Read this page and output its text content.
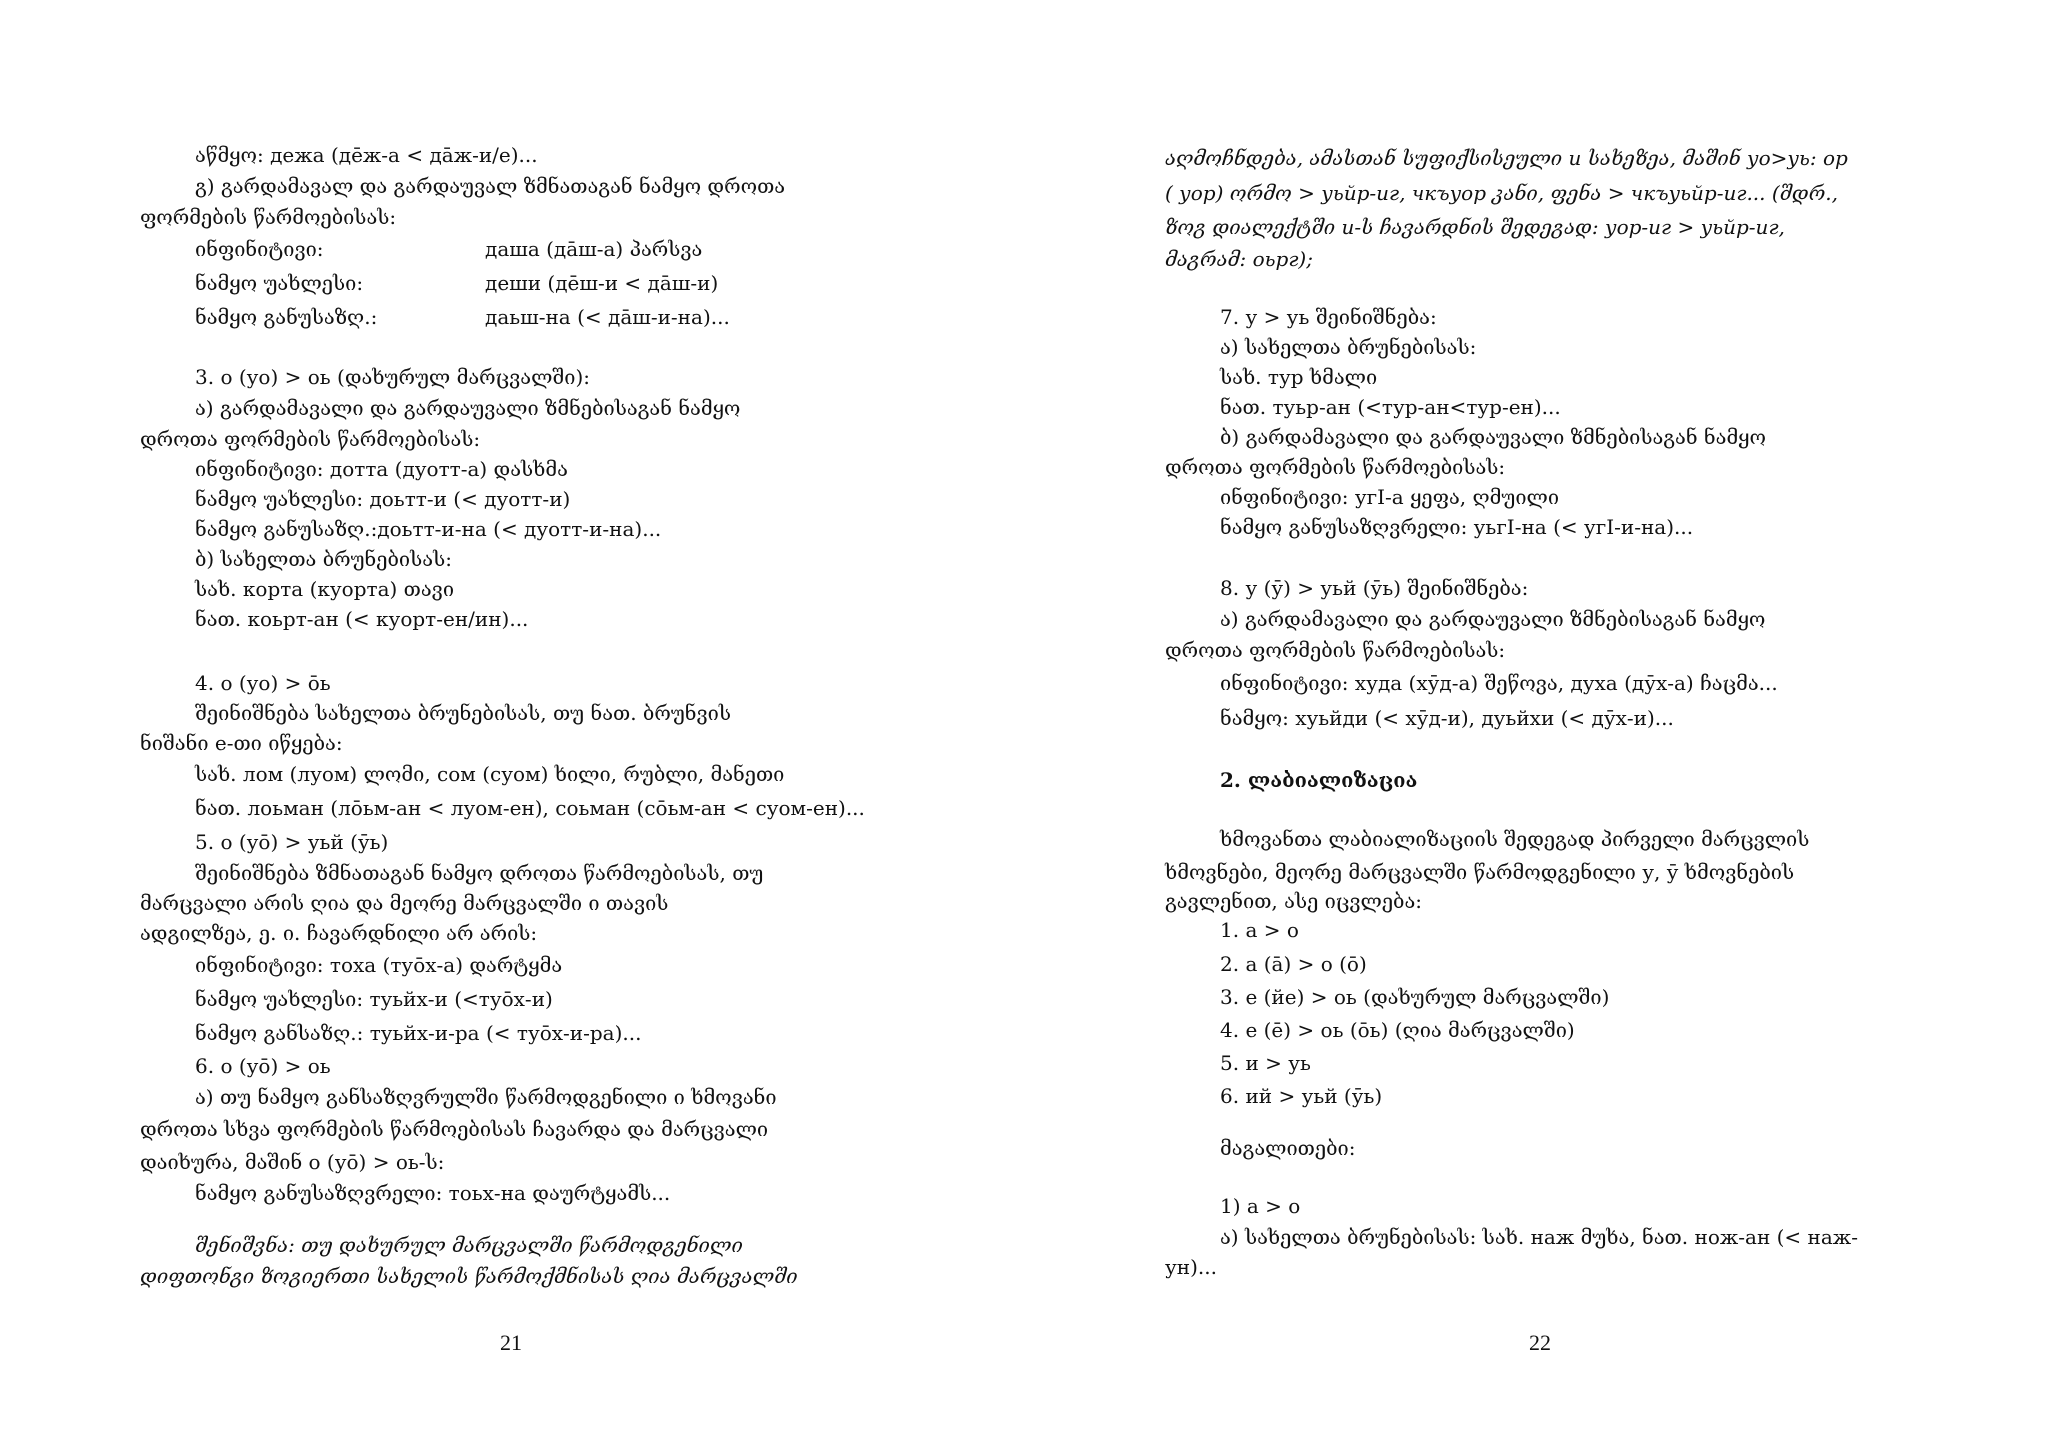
აწმყო: дежа (дēж-а < дāж-и/е)...
გ) გარდამავალ და გარდაუვალ ზმნათაგან ნამყო დროთა
ფორმების წარმოებისას:
ინფინიტივი:	даша (дāш-а) პარსვა
ნამყო უახლესი:	деши (дēш-и < дāш-и)
ნამყო განუსაზღ.:	даьш-на (< дāш-и-на)...
3. о (уо) > оь (დახურულ მარცვალში):
ა) გარდამავალი და გარდაუვალი ზმნებისაგან ნამყო
დროთა ფორმების წარმოებისას:
ინფინიტივი: дотта (дуотт-а) დასხმა
ნამყო უახლესი: доьтт-и (< дуотт-и)
ნამყო განუსაზღ.:доьтт-и-на (< дуотт-и-на)...
ბ) სახელთა ბრუნებისას:
სახ. корта (куорта) თავი
ნათ. коьрт-ан (< куорт-ен/ин)...
4. о (уо) > ōь
შეინიშნება სახელთა ბრუნებისას, თუ ნათ. ბრუნვის
ნიშანი е-თი იწყება:
სახ. лом (луом) ლომი, сом (суом) ხილი, რუბლი, მანეთი
ნათ. лоьман (лōьм-ан < луом-ен), соьман (сōьм-ан < суом-ен)...
5. о (уō) > уьй (ӯь)
შეინიშნება ზმნათაგან ნამყო დროთა წარმოებისას, თუ
მარცვალი არის ღია და მეორე მარცვალში ი თავის
ადგილზეა, ე. ი. ჩავარდნილი არ არის:
ინფინიტივი: тоха (туōх-а) დარტყმა
ნამყო უახლესი: туьйх-и (<туōх-и)
ნამყო განსაზღ.: туьйх-и-ра (< туōх-и-ра)...
6. о (уō) > оь
ა) თუ ნამყო განსაზღვრულში წარმოდგენილი ი ხმოვანი
დროთა სხვა ფორმების წარმოებისას ჩავარდა და მარცვალი
დაიხურა, მაშინ о (уō) > оь-ს:
ნამყო განუსაზღვრელი: тоьх-на დაურტყამს...
შენიშვნა: თუ დახურულ მარცვალში წარმოდგენილი
დიფთონგი ზოგიერთი სახელის წარმოქმნისას ღია მარცვალში
21
აღმოჩნდება, ამასთან სუფიქსისეული и სახეზეა, მაშინ уо>уь: ор
( уор) ორმო > уьйр-иг, чкъуор კანი, ფენა > чкъуьйр-иг... (შდრ.,
ზოგ დიალექტში и-ს ჩავარდნის შედეგად: уор-иг > уьйр-иг,
მაგრამ: оьрг);
7. у > уь შეინიშნება:
ა) სახელთა ბრუნებისას:
სახ. тур ხმალი
ნათ. туьр-ан (<тур-ан<тур-ен)...
ბ) გარდამავალი და გარდაუვალი ზმნებისაგან ნამყო
დროთა ფორმების წარმოებისას:
ინფინიტივი: угI-а ყეფა, ღმუილი
ნამყო განუსაზღვრელი: уьгI-на (< угI-и-на)...
8. у (ӯ) > уьй (ӯь) შეინიშნება:
ა) გარდამავალი და გარდაუვალი ზმნებისაგან ნამყო
დროთა ფორმების წარმოებისას:
ინფინიტივი: худа (хӯд-а) შეწოვა, духа (дӯх-а) ჩაცმა...
ნამყო: хуьйди (< хӯд-и), дуьйхи (< дӯх-и)...
2. ლაბიალიზაცია
ხმოვანთა ლაბიალიზაციის შედეგად პირველი მარცვლის
ხმოვნები, მეორე მარცვალში წარმოდგენილი у, ӯ ხმოვნების
გავლენით, ასე იცვლება:
1. а > о
2. а (ā) > о (ō)
3. е (йе) > оь (დახურულ მარცვალში)
4. е (ē) > оь (ōь) (ღია მარცვალში)
5. и > уь
6. ий > уьй (ӯь)
მაგალითები:
1) а > о
ა) სახელთა ბრუნებისას: სახ. наж მუხა, ნათ. нож-ан (< наж-
ун)...
22
